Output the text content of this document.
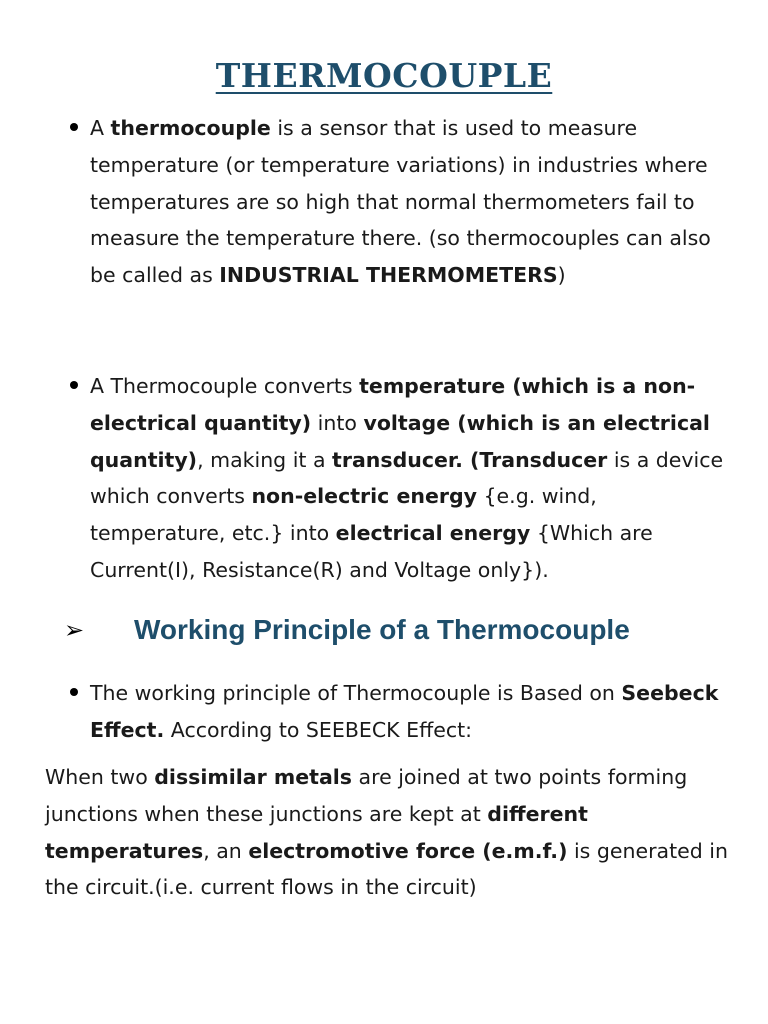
THERMOCOUPLE

A thermocouple is a sensor that is used to measure temperature (or temperature variations) in industries where temperatures are so high that normal thermometers fail to measure the temperature there. (so thermocouples can also be called as INDUSTRIAL THERMOMETERS)

A Thermocouple converts temperature (which is a non-electrical quantity) into voltage (which is an electrical quantity), making it a transducer. (Transducer is a device which converts non-electric energy {e.g. wind, temperature, etc.} into electrical energy {Which are Current(I), Resistance(R) and Voltage only}).

➢	Working Principle of a Thermocouple

The working principle of Thermocouple is Based on Seebeck Effect. According to SEEBECK Effect:

When two dissimilar metals are joined at two points forming junctions when these junctions are kept at different temperatures, an electromotive force (e.m.f.) is generated in the circuit.(i.e. current flows in the circuit)
